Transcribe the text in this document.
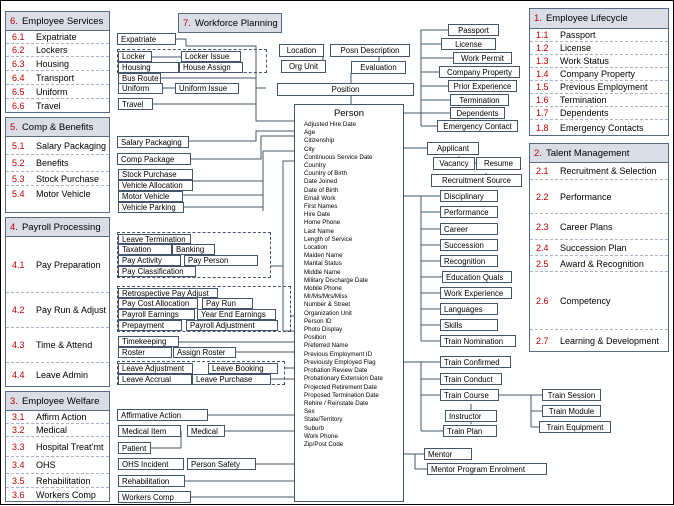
6. Employee Services
6.1	Expatriate
6.2	Lockers
6.3	Housing
6.4	Transport
6.5	Uniform
6.6	Travel
5. Comp & Benefits
5.1	Salary Packaging
5.2	Benefits
5.3	Stock Purchase
5.4	Motor Vehicle
4. Payroll Processing
4.1	Pay Preparation
4.2	Pay Run & Adjust
4.3	Time & Attend
4.4	Leave Admin
3. Employee Welfare
3.1	Affirm Action
3.2	Medical
3.3	Hospital Treat’mt
3.4	OHS
3.5	Rehabilitation
3.6	Workers Comp
1. Employee Lifecycle
1.1	Passport
1.2	License
1.3	Work Status
1.4	Company Property
1.5	Previous Employment
1.6	Termination
1.7	Dependents
1.8	Emergency Contacts
2. Talent Management
2.1	Recruitment & Selection
2.2	Performance
2.3	Career Plans
2.4	Succession Plan
2.5	Award & Recognition
2.6	Competency
2.7	Learning & Development
7. Workforce Planning
Location	Posn Description
Org Unit	Evaluation
Position
Expatriate
Locker	Locker Issue
Housing	House Assign
Bus Route
Uniform	Uniform Issue
Travel
Salary Packaging
Comp Package
Stock Purchase
Vehicle Allocation
Motor Vehicle
Vehicle Parking
Leave Termination
Taxation	Banking
Pay Activity	Pay Person
Pay Classification
Retrospective Pay Adjust
Pay Cost Allocation	Pay Run
Payroll Earnings	Year End Earnings
Prepayment	Payroll Adjustment
Timekeeping
Roster	Assign Roster
Leave Adjustment	Leave Booking
Leave Accrual	Leave Purchase
Affirmative Action
Medical Item	Medical
Patient
OHS Incident	Person Safety
Rehabilitation
Workers Comp
Person
Adjusted Hire Date
Age
Citizenship
City
Continuous Service Date
Country
Country of Birth
Date Joined
Date of Birth
Email Work
First Names
Hire Date
Home Phone
Last Name
Length of Service
Location
Maiden Name
Marital Status
Middle Name
Military Discharge Date
Mobile Phone
Mr/Ms/Mrs/Miss
Number & Street
Organization Unit
Person ID
Photo Display
Position
Preferred Name
Previous Employment ID
Previously Employed Flag
Probation Review Date
Probationary Extension Date
Projected Retirement Date
Proposed Termination Date
Rehire / Reinstate Date
Sex
State/Territory
Suburb
Work Phone
Zip/Post Code
Passport
License
Work Permit
Company Property
Prior Experience
Termination
Dependents
Emergency Contact
Applicant
Vacancy	Resume
Recruitment Source
Disciplinary
Performance
Career
Succession
Recognition
Education Quals
Work Experience
Languages
Skills
Train Nomination
Train Confirmed
Train Conduct
Train Course	Train Session
Train Module
Train Equipment
Instructor
Train Plan
Mentor
Mentor Program Enrolment
